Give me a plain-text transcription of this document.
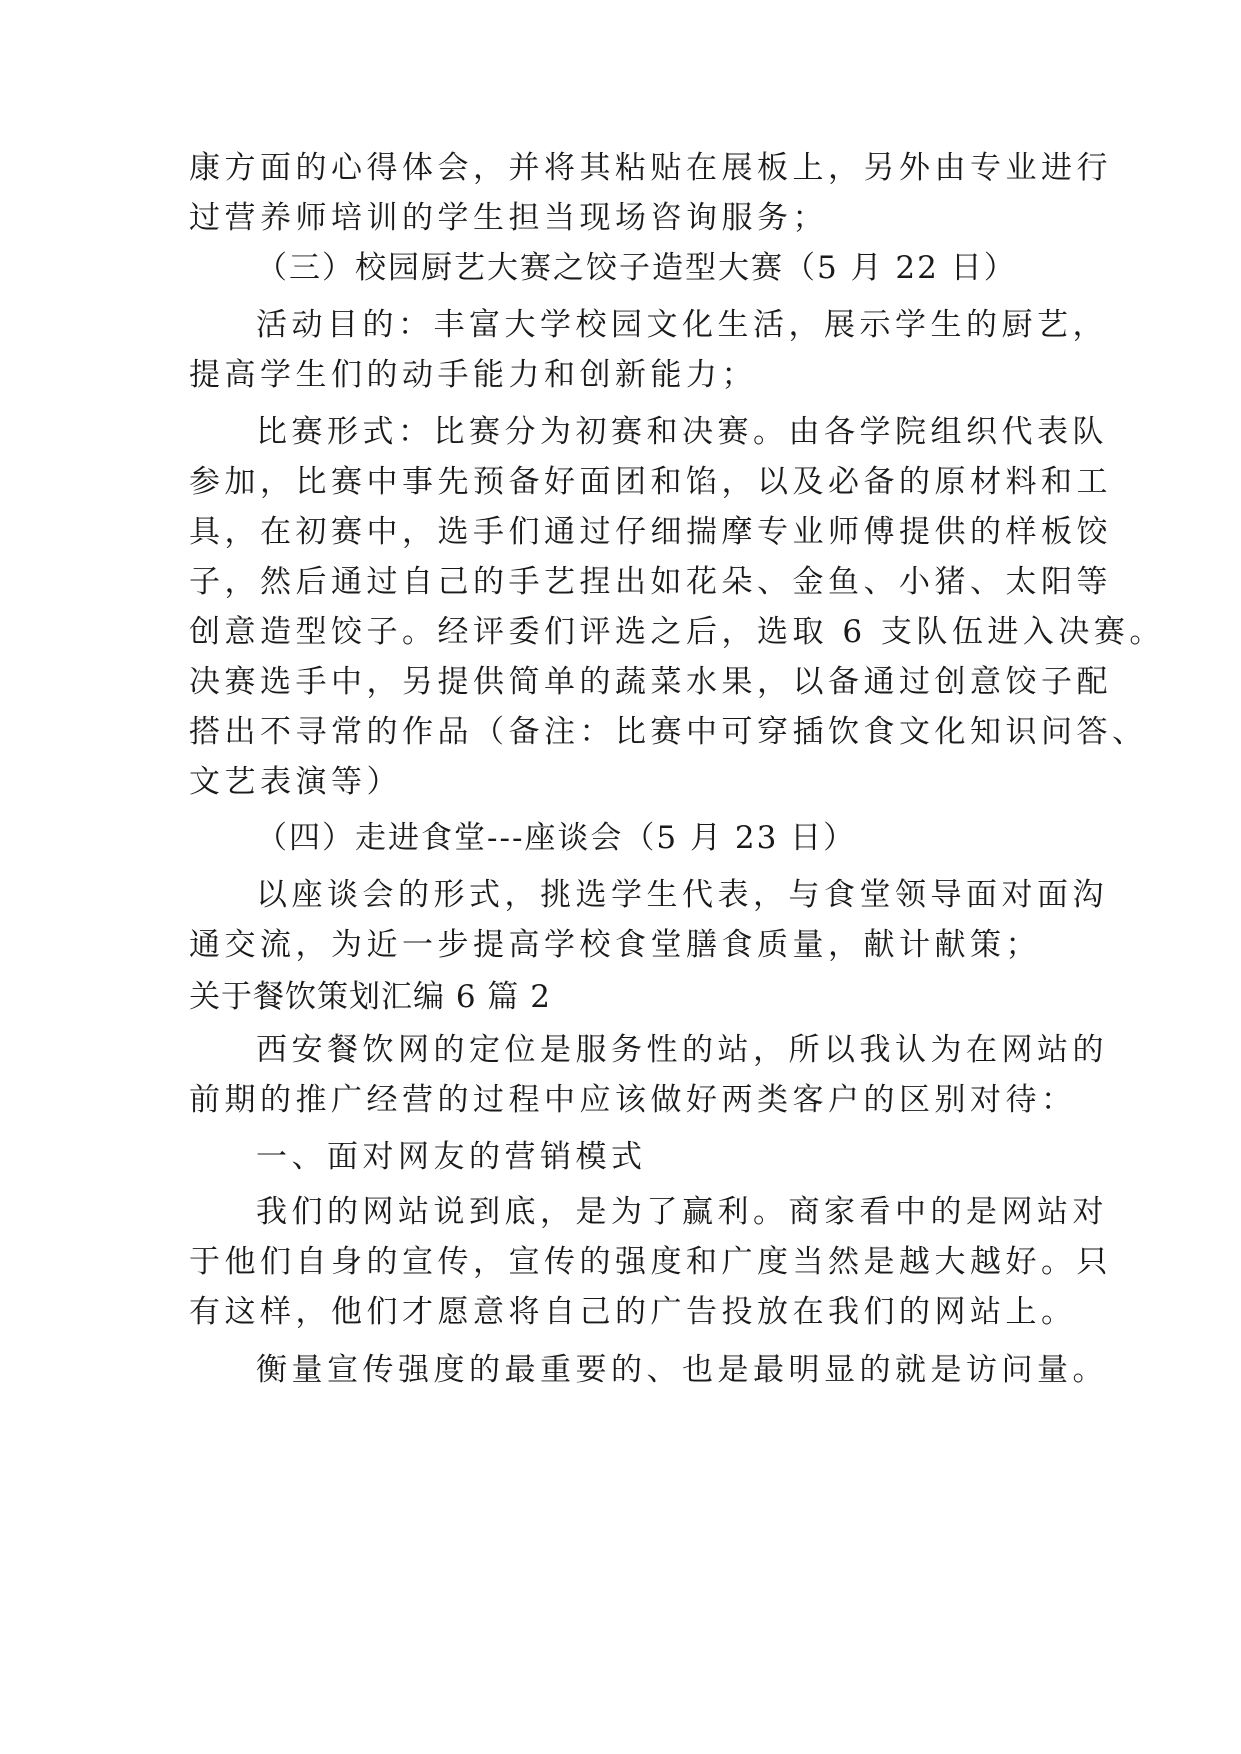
康方面的心得体会，并将其粘贴在展板上，另外由专业进行
过营养师培训的学生担当现场咨询服务；
（三）校园厨艺大赛之饺子造型大赛（5 月 22 日）
活动目的：丰富大学校园文化生活，展示学生的厨艺，
提高学生们的动手能力和创新能力；
比赛形式：比赛分为初赛和决赛。由各学院组织代表队
参加，比赛中事先预备好面团和馅，以及必备的原材料和工
具，在初赛中，选手们通过仔细揣摩专业师傅提供的样板饺
子，然后通过自己的手艺捏出如花朵、金鱼、小猪、太阳等
创意造型饺子。经评委们评选之后，选取 6 支队伍进入决赛。
决赛选手中，另提供简单的蔬菜水果，以备通过创意饺子配
搭出不寻常的作品（备注：比赛中可穿插饮食文化知识问答、
文艺表演等）
（四）走进食堂---座谈会（5 月 23 日）
以座谈会的形式，挑选学生代表，与食堂领导面对面沟
通交流，为近一步提高学校食堂膳食质量，献计献策；
关于餐饮策划汇编 6 篇 2
西安餐饮网的定位是服务性的站，所以我认为在网站的
前期的推广经营的过程中应该做好两类客户的区别对待：
一、面对网友的营销模式
我们的网站说到底，是为了赢利。商家看中的是网站对
于他们自身的宣传，宣传的强度和广度当然是越大越好。只
有这样，他们才愿意将自己的广告投放在我们的网站上。
衡量宣传强度的最重要的、也是最明显的就是访问量。
